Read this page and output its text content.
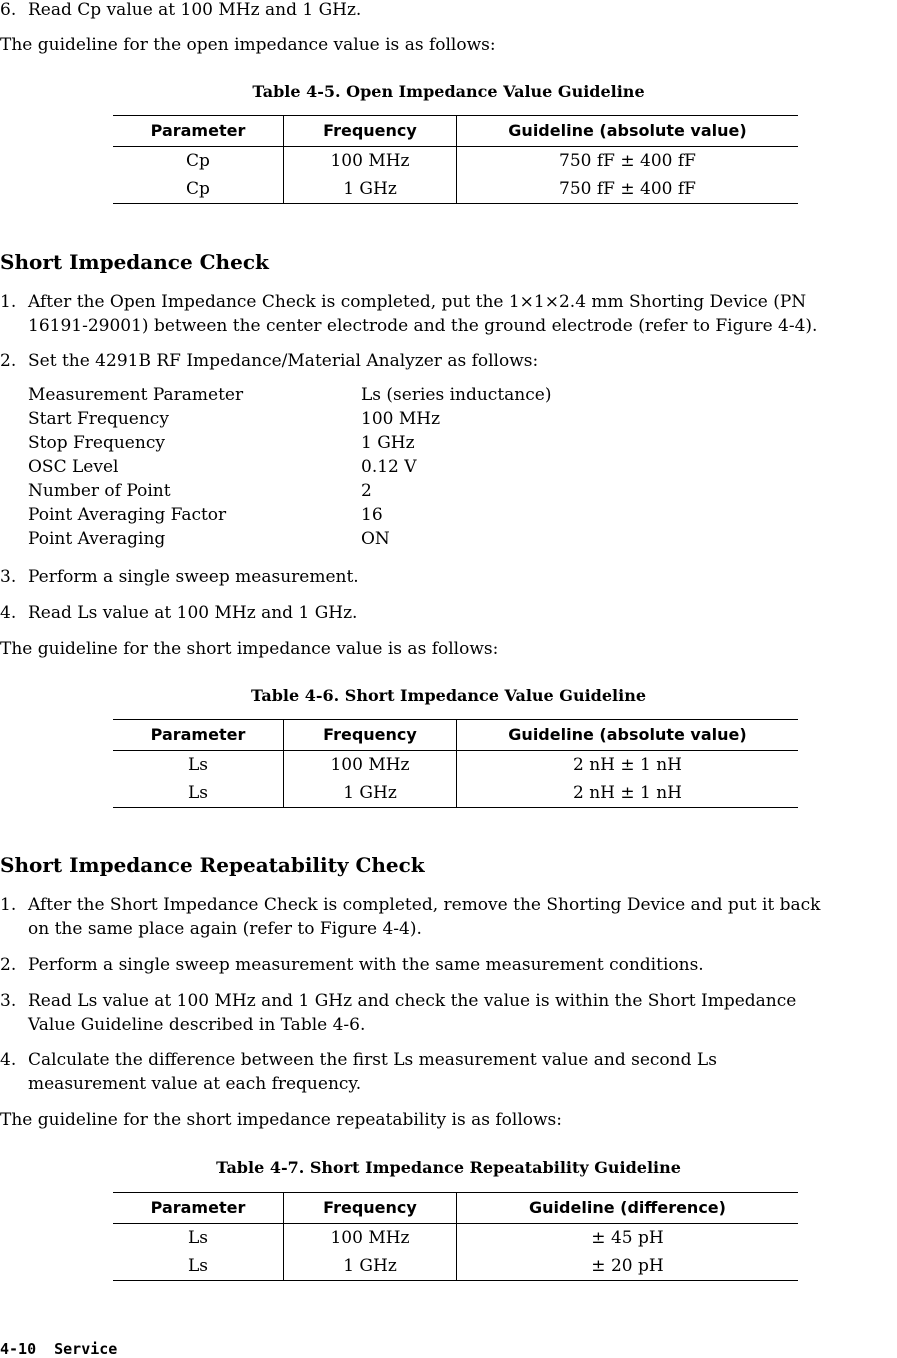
6. Read Cp value at 100 MHz and 1 GHz.
The guideline for the open impedance value is as follows:
Table 4-5. Open Impedance Value Guideline
Parameter	Frequency	Guideline (absolute value)
Cp	100 MHz	750 fF ± 400 fF
Cp	1 GHz	750 fF ± 400 fF
Short Impedance Check
1. After the Open Impedance Check is completed, put the 1×1×2.4 mm Shorting Device (PN
16191-29001) between the center electrode and the ground electrode (refer to Figure 4-4).
2. Set the 4291B RF Impedance/Material Analyzer as follows:
Measurement Parameter	Ls (series inductance)
Start Frequency	100 MHz
Stop Frequency	1 GHz
OSC Level	0.12 V
Number of Point	2
Point Averaging Factor	16
Point Averaging	ON
3. Perform a single sweep measurement.
4. Read Ls value at 100 MHz and 1 GHz.
The guideline for the short impedance value is as follows:
Table 4-6. Short Impedance Value Guideline
Parameter	Frequency	Guideline (absolute value)
Ls	100 MHz	2 nH ± 1 nH
Ls	1 GHz	2 nH ± 1 nH
Short Impedance Repeatability Check
1. After the Short Impedance Check is completed, remove the Shorting Device and put it back
on the same place again (refer to Figure 4-4).
2. Perform a single sweep measurement with the same measurement conditions.
3. Read Ls value at 100 MHz and 1 GHz and check the value is within the Short Impedance
Value Guideline described in Table 4-6.
4. Calculate the difference between the first Ls measurement value and second Ls
measurement value at each frequency.
The guideline for the short impedance repeatability is as follows:
Table 4-7. Short Impedance Repeatability Guideline
Parameter	Frequency	Guideline (difference)
Ls	100 MHz	± 45 pH
Ls	1 GHz	± 20 pH
4-10 Service
